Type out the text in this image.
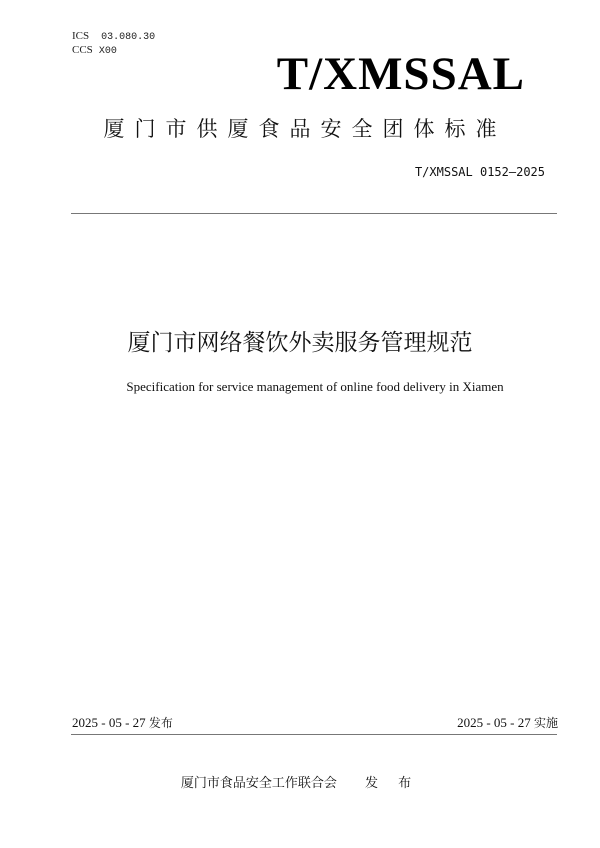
ICS 03.080.30
CCS X00	T/XMSSAL
厦门市供厦食品安全团体标准
T/XMSSAL 0152—2025
厦门市网络餐饮外卖服务管理规范
Specification for service management of online food delivery in Xiamen
2025 - 05 - 27 发布	2025 - 05 - 27 实施
厦门市食品安全工作联合会 发 布
